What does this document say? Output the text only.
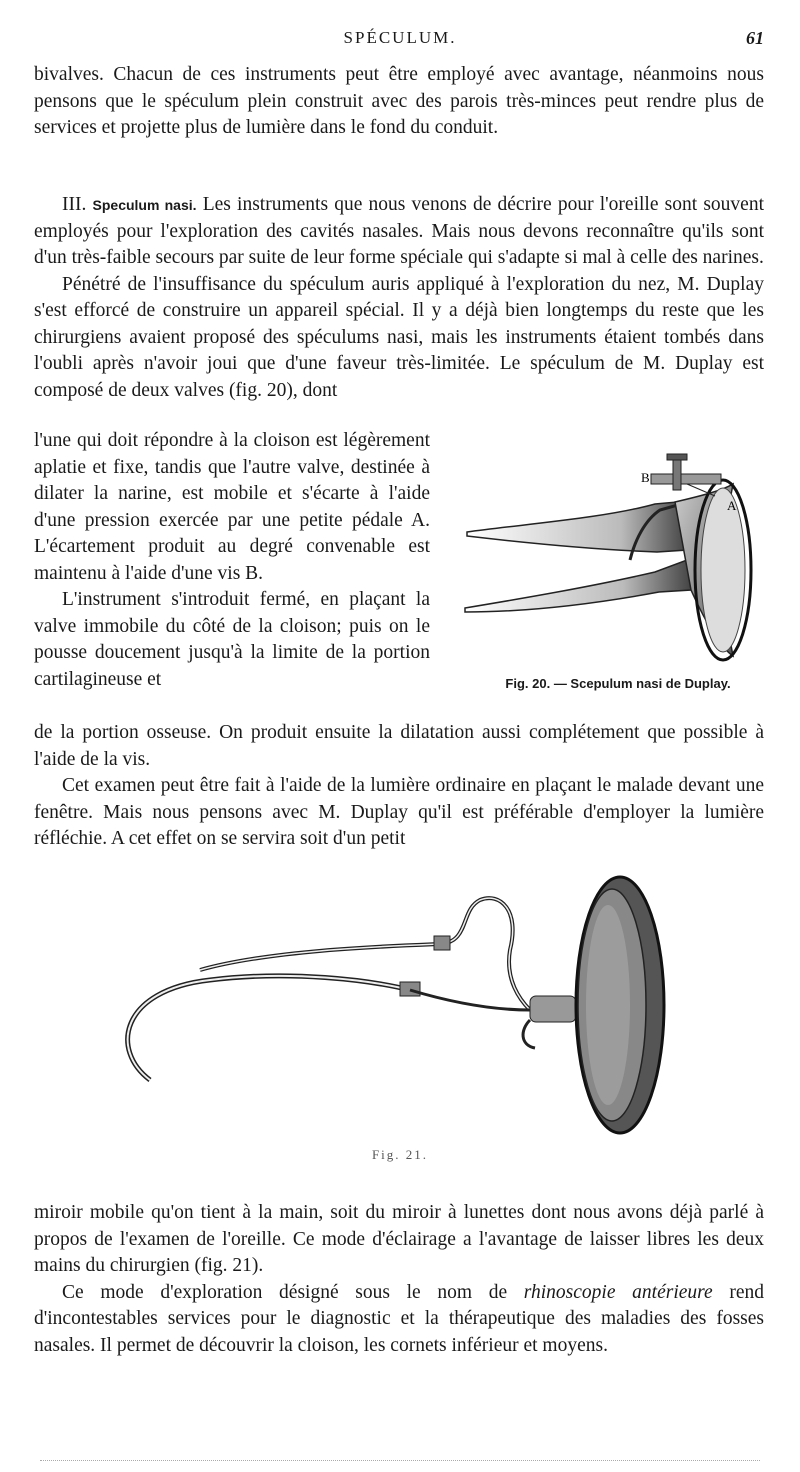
SPÉCULUM.	61

bivalves. Chacun de ces instruments peut être employé avec avantage, néanmoins nous pensons que le spéculum plein construit avec des parois très-minces peut rendre plus de services et projette plus de lumière dans le fond du conduit.

III. Speculum nasi. Les instruments que nous venons de décrire pour l'oreille sont souvent employés pour l'exploration des cavités nasales. Mais nous devons reconnaître qu'ils sont d'un très-faible secours par suite de leur forme spéciale qui s'adapte si mal à celle des narines.

Pénétré de l'insuffisance du spéculum auris appliqué à l'exploration du nez, M. Duplay s'est efforcé de construire un appareil spécial. Il y a déjà bien longtemps du reste que les chirurgiens avaient proposé des spéculums nasi, mais les instruments étaient tombés dans l'oubli après n'avoir joui que d'une faveur très-limitée. Le spéculum de M. Duplay est composé de deux valves (fig. 20), dont

l'une qui doit répondre à la cloison est légèrement aplatie et fixe, tandis que l'autre valve, destinée à dilater la narine, est mobile et s'écarte à l'aide d'une pression exercée par une petite pédale A. L'écartement produit au degré convenable est maintenu à l'aide d'une vis B.

L'instrument s'introduit fermé, en plaçant la valve immobile du côté de la cloison; puis on le pousse doucement jusqu'à la limite de la portion cartilagineuse et

B
A
Fig. 20. — Scepulum nasi de Duplay.

de la portion osseuse. On produit ensuite la dilatation aussi complétement que possible à l'aide de la vis.

Cet examen peut être fait à l'aide de la lumière ordinaire en plaçant le malade devant une fenêtre. Mais nous pensons avec M. Duplay qu'il est préférable d'employer la lumière réfléchie. A cet effet on se servira soit d'un petit

Fig. 21.

miroir mobile qu'on tient à la main, soit du miroir à lunettes dont nous avons déjà parlé à propos de l'examen de l'oreille. Ce mode d'éclairage a l'avantage de laisser libres les deux mains du chirurgien (fig. 21).

Ce mode d'exploration désigné sous le nom de rhinoscopie antérieure rend d'incontestables services pour le diagnostic et la thérapeutique des maladies des fosses nasales. Il permet de découvrir la cloison, les cornets inférieur et moyens.
